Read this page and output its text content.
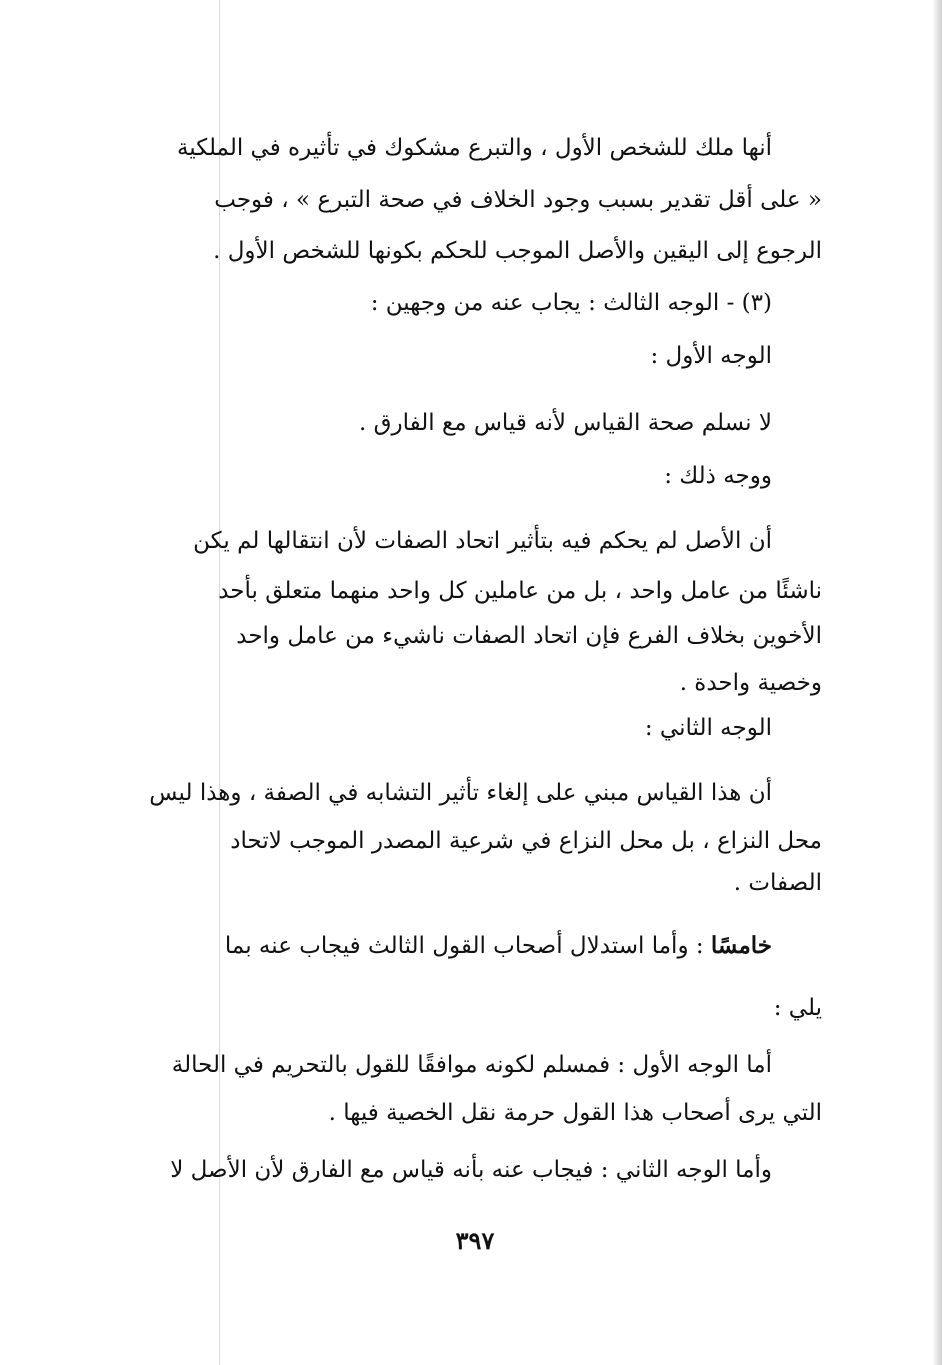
أنها ملك للشخص الأول ، والتبرع مشكوك في تأثيره في الملكية
« على أقل تقدير بسبب وجود الخلاف في صحة التبرع » ، فوجب
الرجوع إلى اليقين والأصل الموجب للحكم بكونها للشخص الأول .
(٣) - الوجه الثالث : يجاب عنه من وجهين :
الوجه الأول :
لا نسلم صحة القياس لأنه قياس مع الفارق .
ووجه ذلك :
أن الأصل لم يحكم فيه بتأثير اتحاد الصفات لأن انتقالها لم يكن
ناشئًا من عامل واحد ، بل من عاملين كل واحد منهما متعلق بأحد
الأخوين بخلاف الفرع فإن اتحاد الصفات ناشيء من عامل واحد
وخصية واحدة .
الوجه الثاني :
أن هذا القياس مبني على إلغاء تأثير التشابه في الصفة ، وهذا ليس
محل النزاع ، بل محل النزاع في شرعية المصدر الموجب لاتحاد
الصفات .
خامسًا : وأما استدلال أصحاب القول الثالث فيجاب عنه بما
يلي :
أما الوجه الأول : فمسلم لكونه موافقًا للقول بالتحريم في الحالة
التي يرى أصحاب هذا القول حرمة نقل الخصية فيها .
وأما الوجه الثاني : فيجاب عنه بأنه قياس مع الفارق لأن الأصل لا
٣٩٧
